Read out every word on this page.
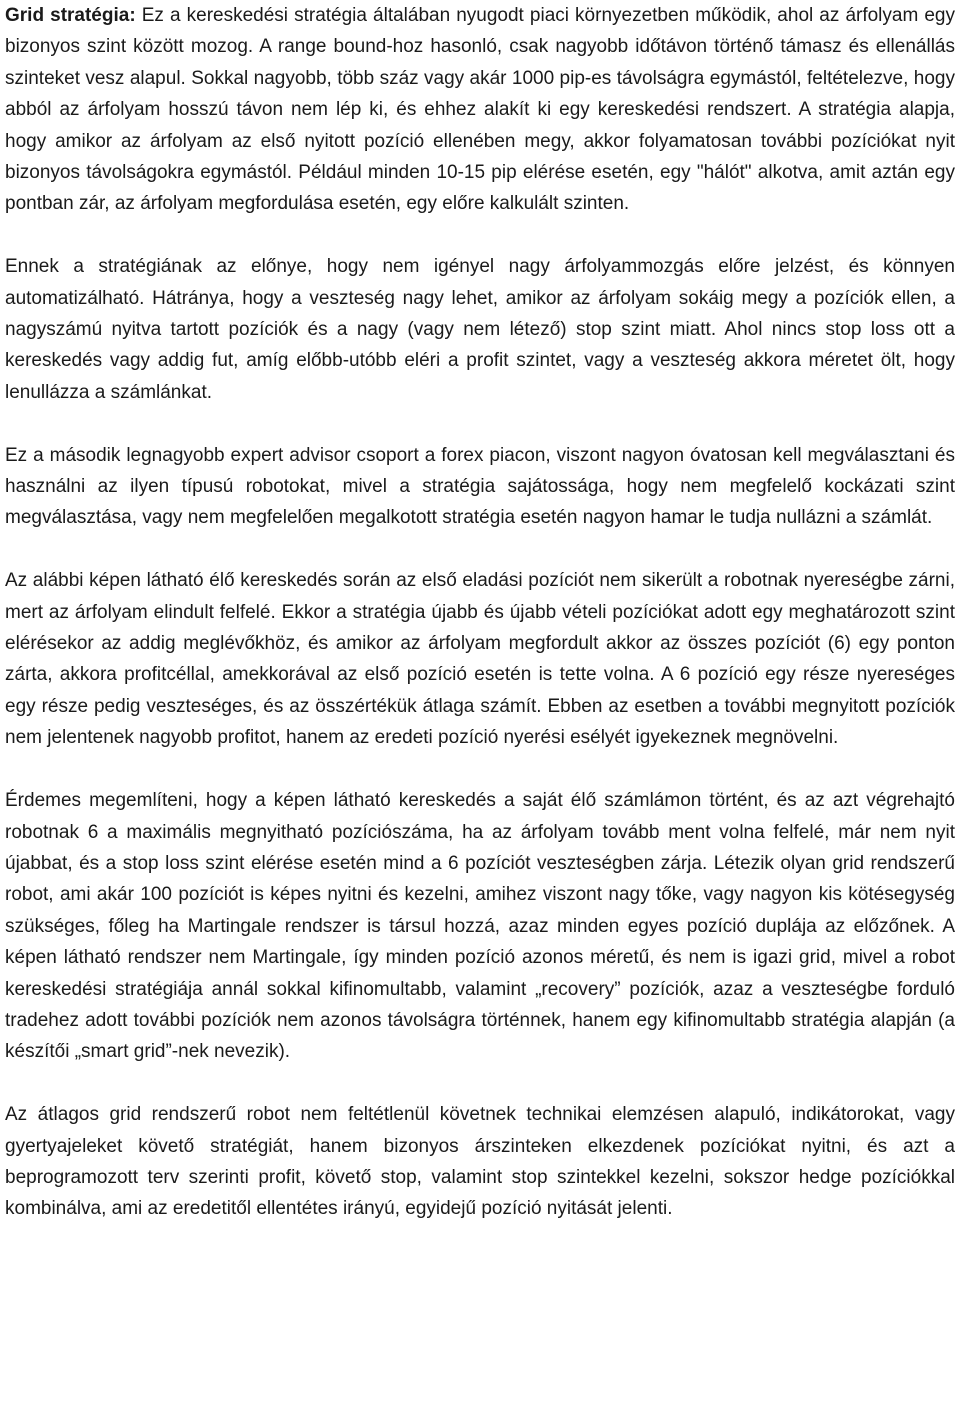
Grid stratégia: Ez a kereskedési stratégia általában nyugodt piaci környezetben működik, ahol az árfolyam egy bizonyos szint között mozog. A range bound-hoz hasonló, csak nagyobb időtávon történő támasz és ellenállás szinteket vesz alapul. Sokkal nagyobb, több száz vagy akár 1000 pip-es távolságra egymástól, feltételezve, hogy abból az árfolyam hosszú távon nem lép ki, és ehhez alakít ki egy kereskedési rendszert. A stratégia alapja, hogy amikor az árfolyam az első nyitott pozíció ellenében megy, akkor folyamatosan további pozíciókat nyit bizonyos távolságokra egymástól. Például minden 10-15 pip elérése esetén, egy "hálót" alkotva, amit aztán egy pontban zár, az árfolyam megfordulása esetén, egy előre kalkulált szinten.

Ennek a stratégiának az előnye, hogy nem igényel nagy árfolyammozgás előre jelzést, és könnyen automatizálható. Hátránya, hogy a veszteség nagy lehet, amikor az árfolyam sokáig megy a pozíciók ellen, a nagyszámú nyitva tartott pozíciók és a nagy (vagy nem létező) stop szint miatt. Ahol nincs stop loss ott a kereskedés vagy addig fut, amíg előbb-utóbb eléri a profit szintet, vagy a veszteség akkora méretet ölt, hogy lenullázza a számlánkat.

Ez a második legnagyobb expert advisor csoport a forex piacon, viszont nagyon óvatosan kell megválasztani és használni az ilyen típusú robotokat, mivel a stratégia sajátossága, hogy nem megfelelő kockázati szint megválasztása, vagy nem megfelelően megalkotott stratégia esetén nagyon hamar le tudja nullázni a számlát.

Az alábbi képen látható élő kereskedés során az első eladási pozíciót nem sikerült a robotnak nyereségbe zárni, mert az árfolyam elindult felfelé. Ekkor a stratégia újabb és újabb vételi pozíciókat adott egy meghatározott szint elérésekor az addig meglévőkhöz, és amikor az árfolyam megfordult akkor az összes pozíciót (6) egy ponton zárta, akkora profitcéllal, amekkorával az első pozíció esetén is tette volna. A 6 pozíció egy része nyereséges egy része pedig veszteséges, és az összértékük átlaga számít. Ebben az esetben a további megnyitott pozíciók nem jelentenek nagyobb profitot, hanem az eredeti pozíció nyerési esélyét igyekeznek megnövelni.

Érdemes megemlíteni, hogy a képen látható kereskedés a saját élő számlámon történt, és az azt végrehajtó robotnak 6 a maximális megnyitható pozíciószáma, ha az árfolyam tovább ment volna felfelé, már nem nyit újabbat, és a stop loss szint elérése esetén mind a 6 pozíciót veszteségben zárja. Létezik olyan grid rendszerű robot, ami akár 100 pozíciót is képes nyitni és kezelni, amihez viszont nagy tőke, vagy nagyon kis kötésegység szükséges, főleg ha Martingale rendszer is társul hozzá, azaz minden egyes pozíció duplája az előzőnek. A képen látható rendszer nem Martingale, így minden pozíció azonos méretű, és nem is igazi grid, mivel a robot kereskedési stratégiája annál sokkal kifinomultabb, valamint „recovery” pozíciók, azaz a veszteségbe forduló tradehez adott további pozíciók nem azonos távolságra történnek, hanem egy kifinomultabb stratégia alapján (a készítői „smart grid”-nek nevezik).

Az átlagos grid rendszerű robot nem feltétlenül követnek technikai elemzésen alapuló, indikátorokat, vagy gyertyajeleket követő stratégiát, hanem bizonyos árszinteken elkezdenek pozíciókat nyitni, és azt a beprogramozott terv szerinti profit, követő stop, valamint stop szintekkel kezelni, sokszor hedge pozíciókkal kombinálva, ami az eredetitől ellentétes irányú, egyidejű pozíció nyitását jelenti.
